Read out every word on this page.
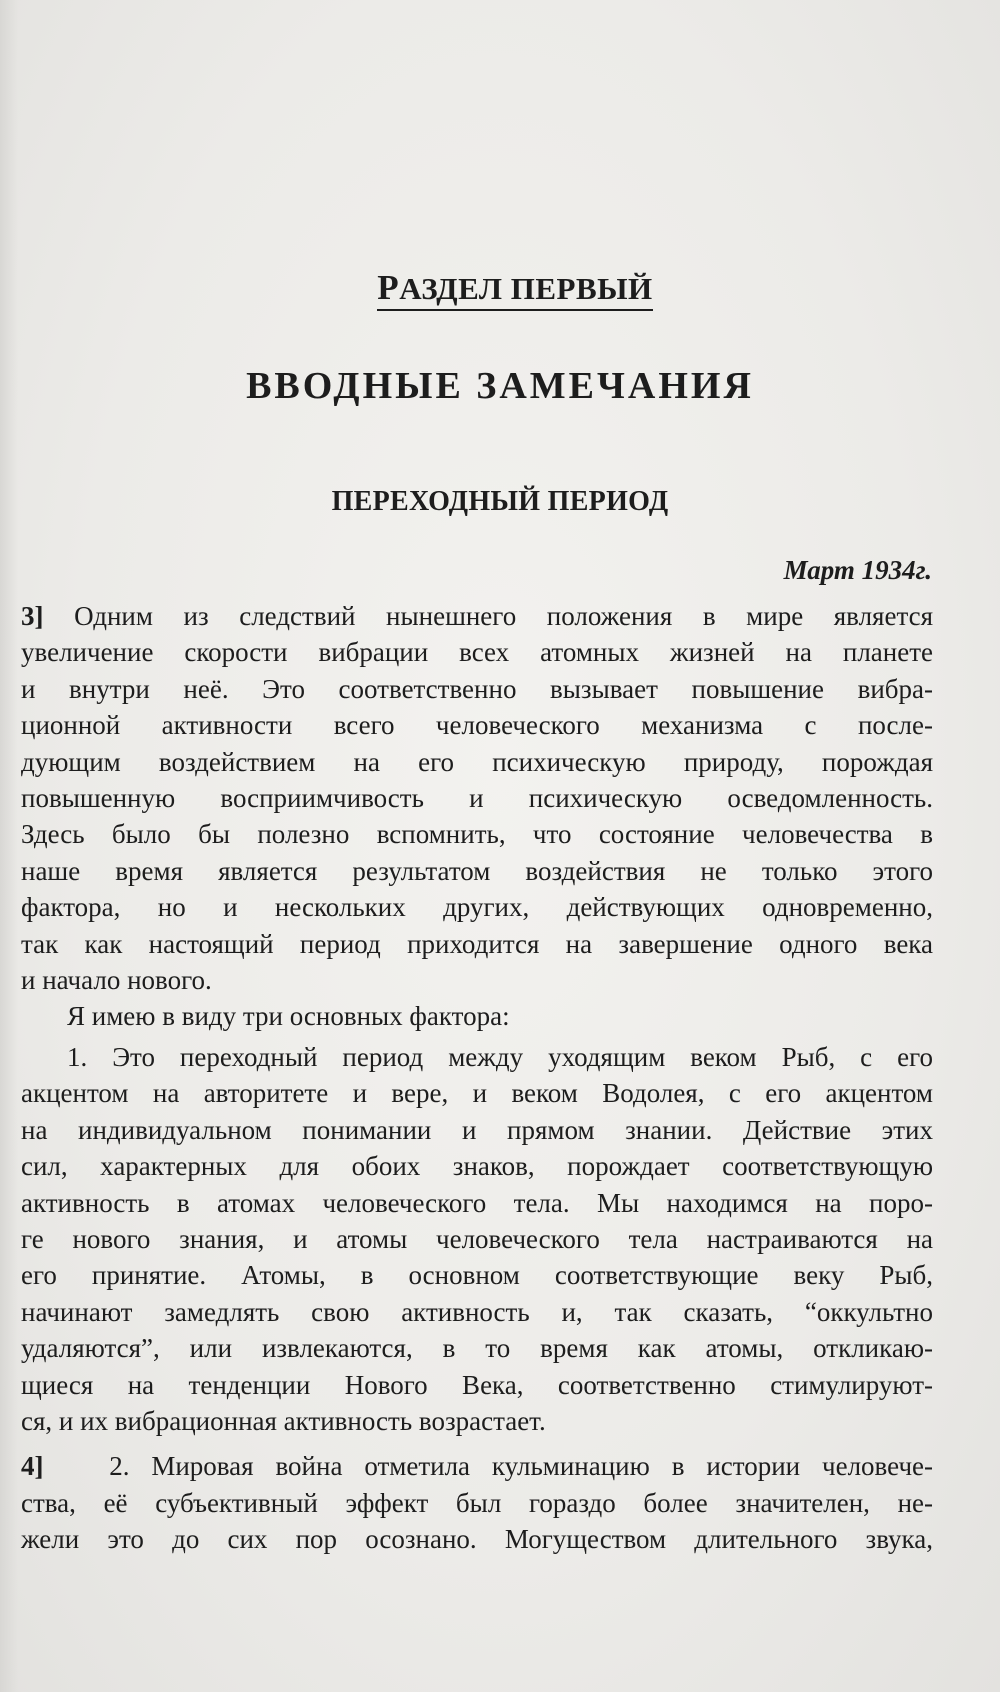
РАЗДЕЛ ПЕРВЫЙ
ВВОДНЫЕ ЗАМЕЧАНИЯ
ПЕРЕХОДНЫЙ ПЕРИОД
Март 1934г.

3] Одним из следствий нынешнего положения в мире является
увеличение скорости вибрации всех атомных жизней на планете
и внутри неё. Это соответственно вызывает повышение вибра-
ционной активности всего человеческого механизма с после-
дующим воздействием на его психическую природу, порождая
повышенную восприимчивость и психическую осведомленность.
Здесь было бы полезно вспомнить, что состояние человечества в
наше время является результатом воздействия не только этого
фактора, но и нескольких других, действующих одновременно,
так как настоящий период приходится на завершение одного века
и начало нового.

Я имею в виду три основных фактора:

1. Это переходный период между уходящим веком Рыб, с его
акцентом на авторитете и вере, и веком Водолея, с его акцентом
на индивидуальном понимании и прямом знании. Действие этих
сил, характерных для обоих знаков, порождает соответствующую
активность в атомах человеческого тела. Мы находимся на поро-
ге нового знания, и атомы человеческого тела настраиваются на
его принятие. Атомы, в основном соответствующие веку Рыб,
начинают замедлять свою активность и, так сказать, “оккультно
удаляются”, или извлекаются, в то время как атомы, откликаю-
щиеся на тенденции Нового Века, соответственно стимулируют-
ся, и их вибрационная активность возрастает.

4] 2. Мировая война отметила кульминацию в истории человече-
ства, её субъективный эффект был гораздо более значителен, не-
жели это до сих пор осознано. Могуществом длительного звука,
